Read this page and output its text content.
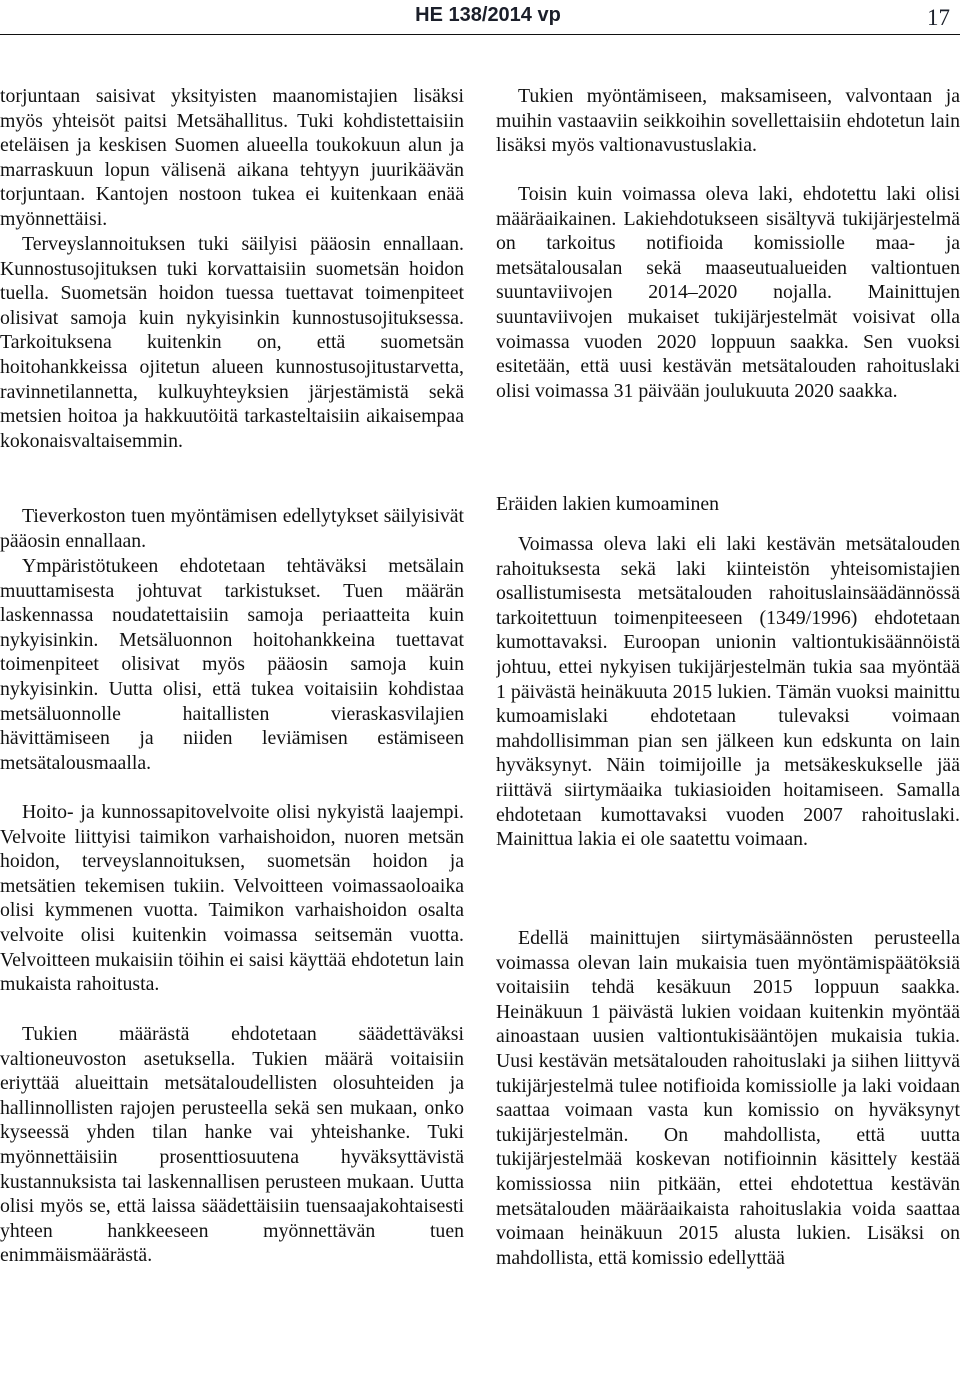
HE 138/2014 vp	17
torjuntaan saisivat yksityisten maanomistajien lisäksi myös yhteisöt paitsi Metsähallitus. Tuki kohdistettaisiin eteläisen ja keskisen Suomen alueella toukokuun alun ja marraskuun lopun välisenä aikana tehtyyn juurikäävän torjuntaan. Kantojen nostoon tukea ei kuitenkaan enää myönnettäisi.
Terveyslannoituksen tuki säilyisi pääosin ennallaan. Kunnostusojituksen tuki korvattaisiin suometsän hoidon tuella. Suometsän hoidon tuessa tuettavat toimenpiteet olisivat samoja kuin nykyisinkin kunnostusojituksessa. Tarkoituksena kuitenkin on, että suometsän hoitohankkeissa ojitetun alueen kunnostusojitustarvetta, ravinnetilannetta, kulkuyhteyksien järjestämistä sekä metsien hoitoa ja hakkuutöitä tarkasteltaisiin aikaisempaa kokonaisvaltaisemmin.
Tieverkoston tuen myöntämisen edellytykset säilyisivät pääosin ennallaan.
Ympäristötukeen ehdotetaan tehtäväksi metsälain muuttamisesta johtuvat tarkistukset. Tuen määrän laskennassa noudatettaisiin samoja periaatteita kuin nykyisinkin. Metsäluonnon hoitohankkeina tuettavat toimenpiteet olisivat myös pääosin samoja kuin nykyisinkin. Uutta olisi, että tukea voitaisiin kohdistaa metsäluonnolle haitallisten vieraskasvilajien hävittämiseen ja niiden leviämisen estämiseen metsätalousmaalla.
Hoito- ja kunnossapitovelvoite olisi nykyistä laajempi. Velvoite liittyisi taimikon varhaishoidon, nuoren metsän hoidon, terveyslannoituksen, suometsän hoidon ja metsätien tekemisen tukiin. Velvoitteen voimassaoloaika olisi kymmenen vuotta. Taimikon varhaishoidon osalta velvoite olisi kuitenkin voimassa seitsemän vuotta. Velvoitteen mukaisiin töihin ei saisi käyttää ehdotetun lain mukaista rahoitusta.
Tukien määrästä ehdotetaan säädettäväksi valtioneuvoston asetuksella. Tukien määrä voitaisiin eriyttää alueittain metsätaloudellisten olosuhteiden ja hallinnollisten rajojen perusteella sekä sen mukaan, onko kyseessä yhden tilan hanke vai yhteishanke. Tuki myönnettäisiin prosenttiosuutena hyväksyttävistä kustannuksista tai laskennallisen perusteen mukaan. Uutta olisi myös se, että laissa säädettäisiin tuensaajakohtaisesti yhteen hankkeeseen myönnettävän tuen enimmäismäärästä.
Tukien myöntämiseen, maksamiseen, valvontaan ja muihin vastaaviin seikkoihin sovellettaisiin ehdotetun lain lisäksi myös valtionavustuslakia.
Toisin kuin voimassa oleva laki, ehdotettu laki olisi määräaikainen. Lakiehdotukseen sisältyvä tukijärjestelmä on tarkoitus notifioida komissiolle maa- ja metsätalousalan sekä maaseutualueiden valtiontuen suuntaviivojen 2014–2020 nojalla. Mainittujen suuntaviivojen mukaiset tukijärjestelmät voisivat olla voimassa vuoden 2020 loppuun saakka. Sen vuoksi esitetään, että uusi kestävän metsätalouden rahoituslaki olisi voimassa 31 päivään joulukuuta 2020 saakka.
Eräiden lakien kumoaminen
Voimassa oleva laki eli laki kestävän metsätalouden rahoituksesta sekä laki kiinteistön yhteisomistajien osallistumisesta metsätalouden rahoituslainsäädännössä tarkoitettuun toimenpiteeseen (1349/1996) ehdotetaan kumottavaksi. Euroopan unionin valtiontukisäännöistä johtuu, ettei nykyisen tukijärjestelmän tukia saa myöntää 1 päivästä heinäkuuta 2015 lukien. Tämän vuoksi mainittu kumoamislaki ehdotetaan tulevaksi voimaan mahdollisimman pian sen jälkeen kun edskunta on lain hyväksynyt. Näin toimijoille ja metsäkeskukselle jää riittävä siirtymäaika tukiasioiden hoitamiseen. Samalla ehdotetaan kumottavaksi vuoden 2007 rahoituslaki. Mainittua lakia ei ole saatettu voimaan.
Edellä mainittujen siirtymäsäännösten perusteella voimassa olevan lain mukaisia tuen myöntämispäätöksiä voitaisiin tehdä kesäkuun 2015 loppuun saakka. Heinäkuun 1 päivästä lukien voidaan kuitenkin myöntää ainoastaan uusien valtiontukisääntöjen mukaisia tukia. Uusi kestävän metsätalouden rahoituslaki ja siihen liittyvä tukijärjestelmä tulee notifioida komissiolle ja laki voidaan saattaa voimaan vasta kun komissio on hyväksynyt tukijärjestelmän. On mahdollista, että uutta tukijärjestelmää koskevan notifioinnin käsittely kestää komissiossa niin pitkään, ettei ehdotettua kestävän metsätalouden määräaikaista rahoituslakia voida saattaa voimaan heinäkuun 2015 alusta lukien. Lisäksi on mahdollista, että komissio edellyttää
